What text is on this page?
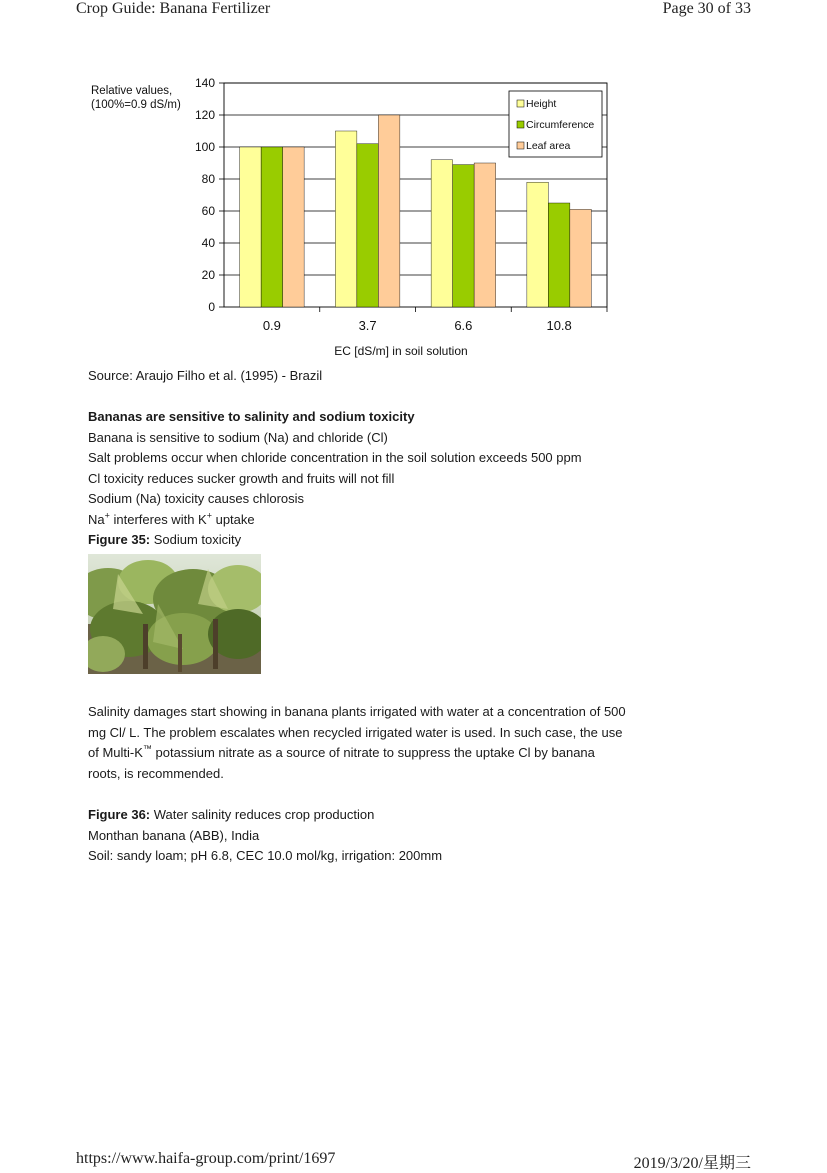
Crop Guide: Banana Fertilizer	Page 30 of 33
0
20
40
60
80
100
120
140
0.9	3.7	6.6	10.8
Relative values,
(100%=0.9 dS/m)
EC [dS/m] in soil solution
Height
Circumference
Leaf area
Source: Araujo Filho et al. (1995) - Brazil
Bananas are sensitive to salinity and sodium toxicity
Banana is sensitive to sodium (Na) and chloride (Cl)
Salt problems occur when chloride concentration in the soil solution exceeds 500 ppm
Cl toxicity reduces sucker growth and fruits will not fill
Sodium (Na) toxicity causes chlorosis
Na+ interferes with K+ uptake
Figure 35: Sodium toxicity
Salinity damages start showing in banana plants irrigated with water at a concentration of 500 mg Cl/ L. The problem escalates when recycled irrigated water is used. In such case, the use of Multi-K™ potassium nitrate as a source of nitrate to suppress the uptake Cl by banana roots, is recommended.
Figure 36: Water salinity reduces crop production
Monthan banana (ABB), India
Soil: sandy loam; pH 6.8, CEC 10.0 mol/kg, irrigation: 200mm
https://www.haifa-group.com/print/1697	2019/3/20/星期三
